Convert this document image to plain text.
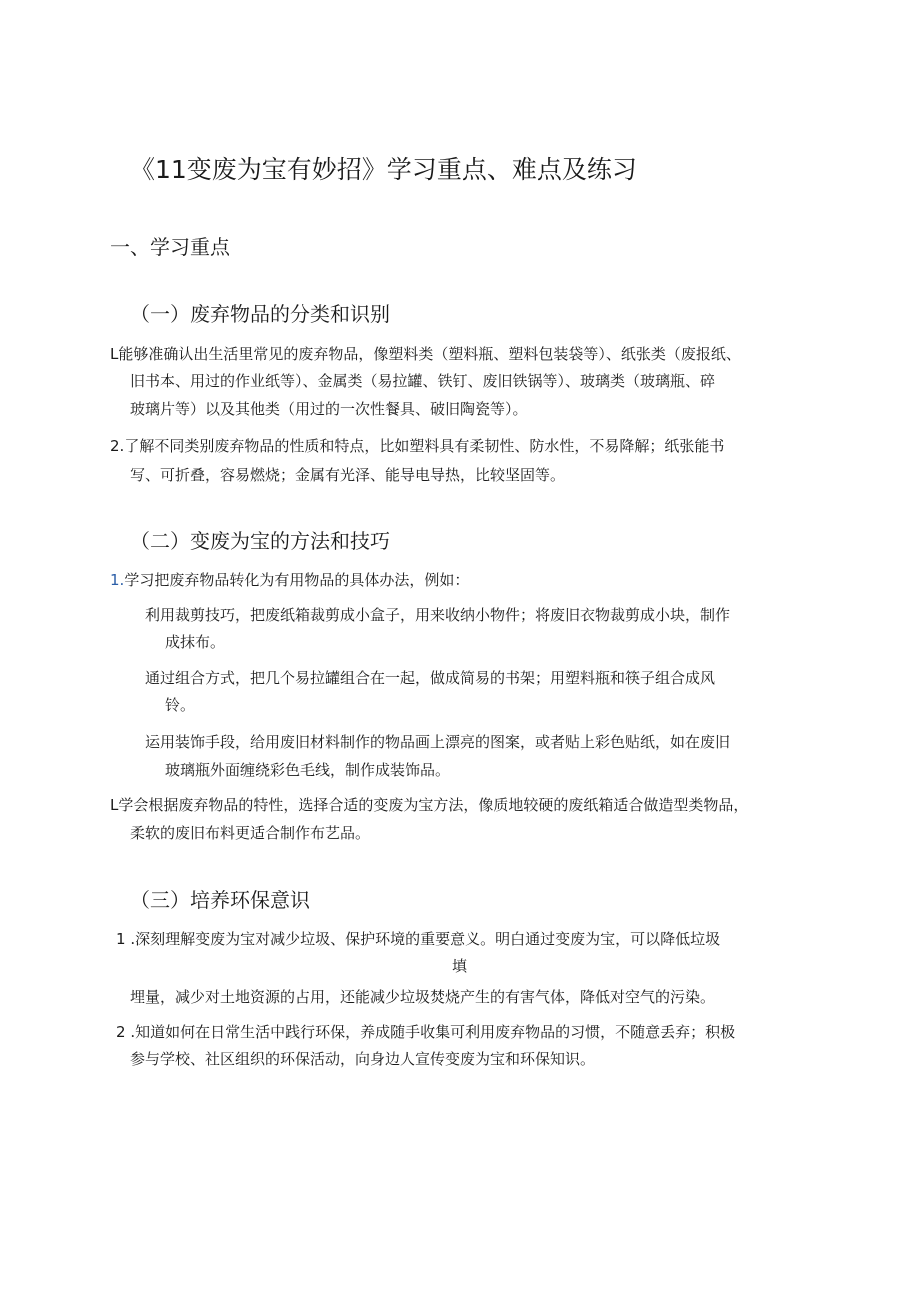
《11变废为宝有妙招》学习重点、难点及练习
一、学习重点
（一）废弃物品的分类和识别
L能够准确认出生活里常见的废弃物品，像塑料类（塑料瓶、塑料包装袋等）、纸张类（废报纸、
旧书本、用过的作业纸等）、金属类（易拉罐、铁钉、废旧铁锅等）、玻璃类（玻璃瓶、碎
玻璃片等）以及其他类（用过的一次性餐具、破旧陶瓷等）。
2.了解不同类别废弃物品的性质和特点，比如塑料具有柔韧性、防水性，不易降解；纸张能书
写、可折叠，容易燃烧；金属有光泽、能导电导热，比较坚固等。
（二）变废为宝的方法和技巧
1.学习把废弃物品转化为有用物品的具体办法，例如：
利用裁剪技巧，把废纸箱裁剪成小盒子，用来收纳小物件；将废旧衣物裁剪成小块，制作
成抹布。
通过组合方式，把几个易拉罐组合在一起，做成简易的书架；用塑料瓶和筷子组合成风
铃。
运用装饰手段，给用废旧材料制作的物品画上漂亮的图案，或者贴上彩色贴纸，如在废旧
玻璃瓶外面缠绕彩色毛线，制作成装饰品。
L学会根据废弃物品的特性，选择合适的变废为宝方法，像质地较硬的废纸箱适合做造型类物品，
柔软的废旧布料更适合制作布艺品。
（三）培养环保意识
1 .深刻理解变废为宝对减少垃圾、保护环境的重要意义。明白通过变废为宝，可以降低垃圾
填
埋量，减少对土地资源的占用，还能减少垃圾焚烧产生的有害气体，降低对空气的污染。
2 .知道如何在日常生活中践行环保，养成随手收集可利用废弃物品的习惯，不随意丢弃；积极
参与学校、社区组织的环保活动，向身边人宣传变废为宝和环保知识。
